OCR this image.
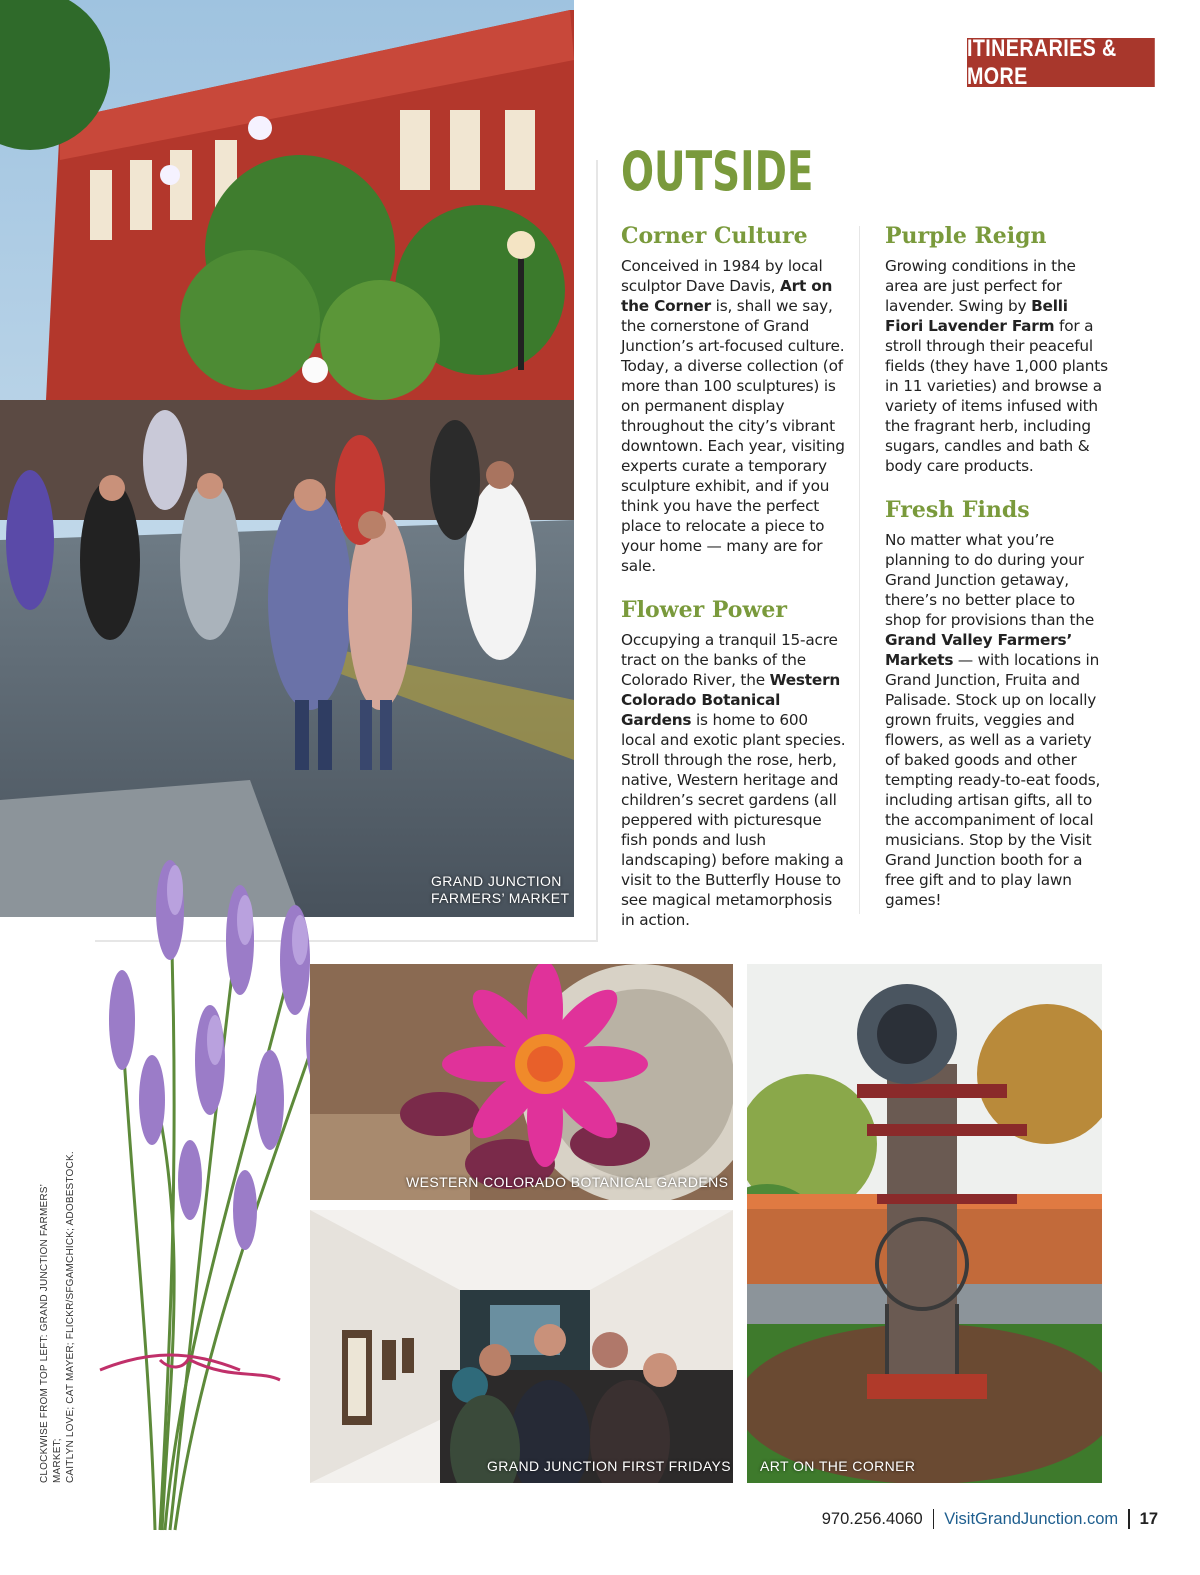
GRAND JUNCTION
FARMERS’ MARKET
ITINERARIES & MORE
OUTSIDE
Corner Culture

Conceived in 1984 by local sculptor Dave Davis, Art on the Corner is, shall we say, the cornerstone of Grand Junction’s art-focused culture. Today, a diverse collection (of more than 100 sculptures) is on permanent display throughout the city’s vibrant downtown. Each year, visiting experts curate a temporary sculpture exhibit, and if you think you have the perfect place to relocate a piece to your home — many are for sale.

Flower Power

Occupying a tranquil 15-acre tract on the banks of the Colorado River, the Western Colorado Botanical Gardens is home to 600 local and exotic plant species. Stroll through the rose, herb, native, Western heritage and children’s secret gardens (all peppered with picturesque fish ponds and lush landscaping) before making a visit to the Butterfly House to see magical metamorphosis in action.

Purple Reign

Growing conditions in the area are just perfect for lavender. Swing by Belli Fiori Lavender Farm for a stroll through their peaceful fields (they have 1,000 plants in 11 varieties) and browse a variety of items infused with the fragrant herb, including sugars, candles and bath & body care products.

Fresh Finds

No matter what you’re planning to do during your Grand Junction getaway, there’s no better place to shop for provisions than the Grand Valley Farmers’ Markets — with locations in Grand Junction, Fruita and Palisade. Stock up on locally grown fruits, veggies and flowers, as well as a variety of baked goods and other tempting ready-to-eat foods, including artisan gifts, all to the accompaniment of local musicians. Stop by the Visit Grand Junction booth for a free gift and to play lawn games!

WESTERN COLORADO BOTANICAL GARDENS
GRAND JUNCTION FIRST FRIDAYS ART ON THE CORNER
CLOCKWISE FROM TOP LEFT: GRAND JUNCTION FARMERS’ MARKET; CAITLYN LOVE; CAT MAYER; FLICKR/SFGAMCHICK; ADOBESTOCK.
970.256.4060 VisitGrandJunction.com 17
